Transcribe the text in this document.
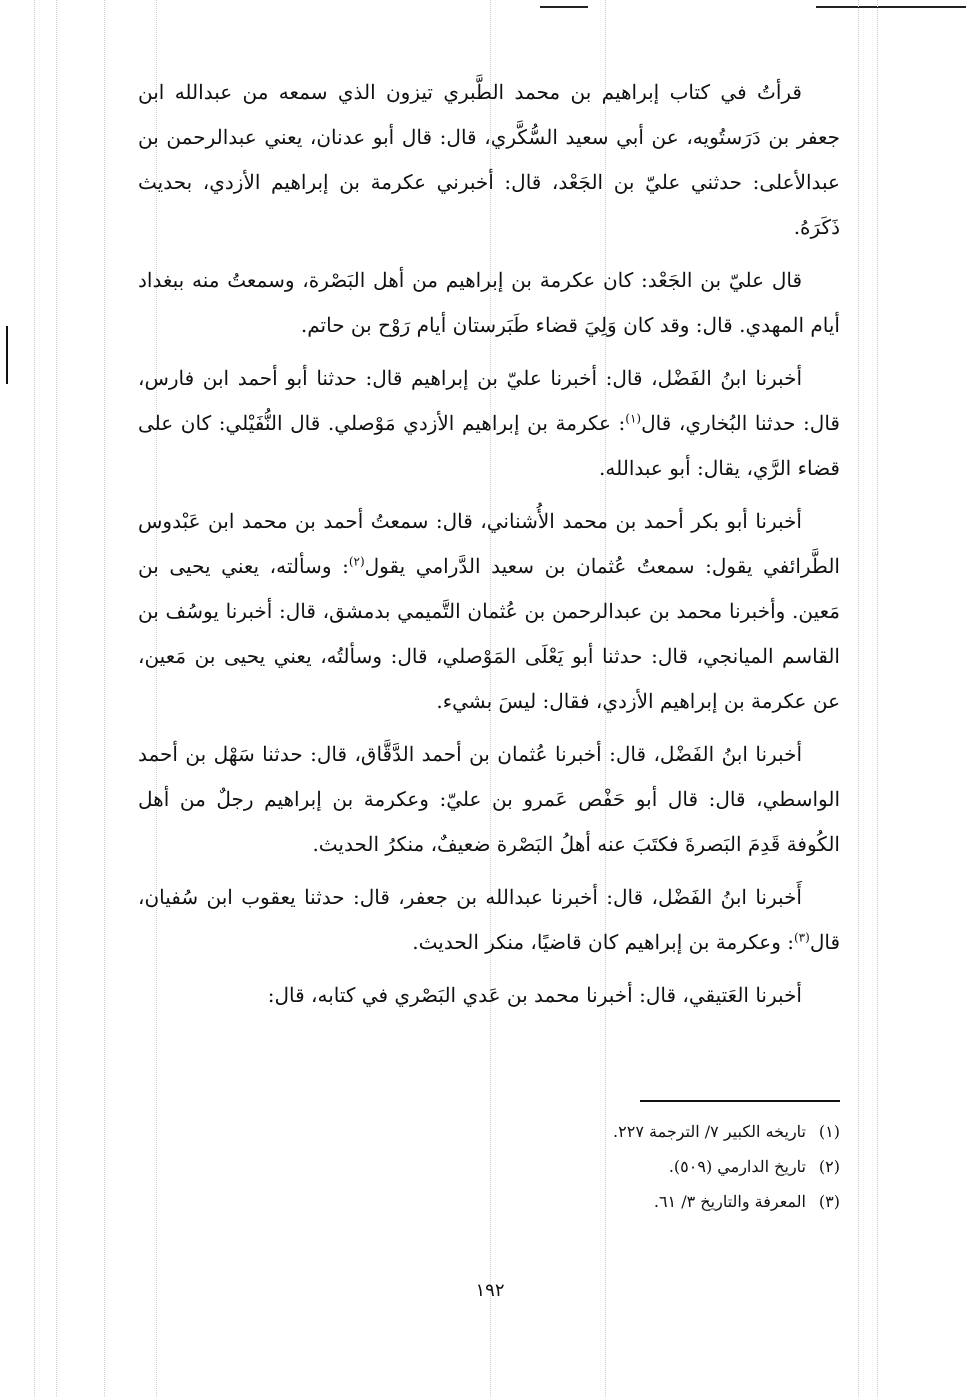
قرأتُ في كتاب إبراهيم بن محمد الطَّبري تيزون الذي سمعه من عبدالله ابن جعفر بن دَرَستُويه، عن أبي سعيد السُّكَّري، قال: قال أبو عدنان، يعني عبدالرحمن بن عبدالأعلى: حدثني عليّ بن الجَعْد، قال: أخبرني عكرمة بن إبراهيم الأزدي، بحديث ذَكَرَهُ.

قال عليّ بن الجَعْد: كان عكرمة بن إبراهيم من أهل البَصْرة، وسمعتُ منه ببغداد أيام المهدي. قال: وقد كان وَلِيَ قضاء طَبَرستان أيام رَوْح بن حاتم.

أخبرنا ابنُ الفَضْل، قال: أخبرنا عليّ بن إبراهيم قال: حدثنا أبو أحمد ابن فارس، قال: حدثنا البُخاري، قال$^{(١)}$: عكرمة بن إبراهيم الأزدي مَوْصلي. قال النُّفَيْلي: كان على قضاء الرَّي، يقال: أبو عبدالله.

أخبرنا أبو بكر أحمد بن محمد الأُشناني، قال: سمعتُ أحمد بن محمد ابن عَبْدوس الطَّرائفي يقول: سمعتُ عُثمان بن سعيد الدَّرامي يقول$^{(٢)}$: وسألته، يعني يحيى بن مَعين. وأخبرنا محمد بن عبدالرحمن بن عُثمان التَّميمي بدمشق، قال: أخبرنا يوسُف بن القاسم الميانجي، قال: حدثنا أبو يَعْلَى المَوْصلي، قال: وسألتُه، يعني يحيى بن مَعين، عن عكرمة بن إبراهيم الأزدي، فقال: ليسَ بشيء.

أخبرنا ابنُ الفَضْل، قال: أخبرنا عُثمان بن أحمد الدَّقَّاق، قال: حدثنا سَهْل بن أحمد الواسطي، قال: قال أبو حَفْص عَمرو بن عليّ: وعكرمة بن إبراهيم رجلٌ من أهل الكُوفة قَدِمَ البَصرةَ فكتَبَ عنه أهلُ البَصْرة ضعيفٌ، منكرُ الحديث.

أَخبرنا ابنُ الفَضْل، قال: أخبرنا عبدالله بن جعفر، قال: حدثنا يعقوب ابن سُفيان، قال$^{(٣)}$: وعكرمة بن إبراهيم كان قاضيًا، منكر الحديث.

أخبرنا العَتيقي، قال: أخبرنا محمد بن عَدي البَصْري في كتابه، قال:

(١)تاريخه الكبير ٧/ الترجمة ٢٢٧.
(٢)تاريخ الدارمي (٥٠٩).
(٣)المعرفة والتاريخ ٣/ ٦١.
١٩٢
